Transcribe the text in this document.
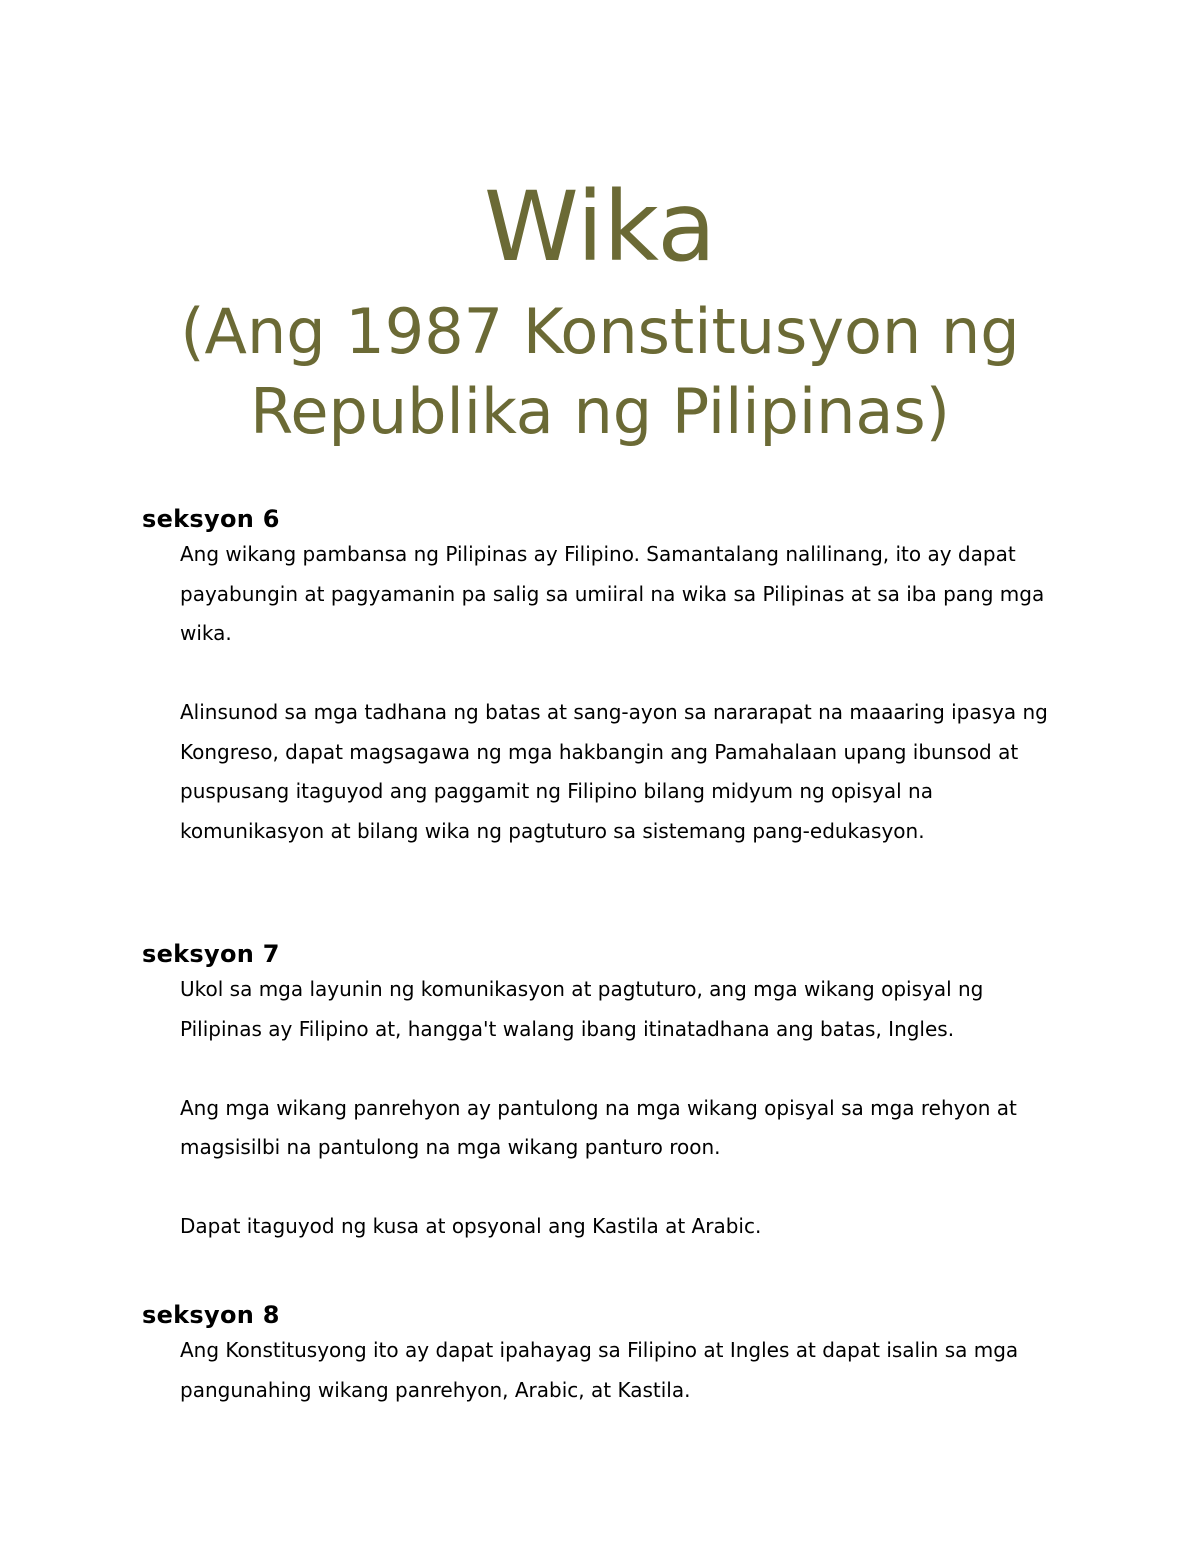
Wika
(Ang 1987 Konstitusyon ng
Republika ng Pilipinas)
seksyon 6

Ang wikang pambansa ng Pilipinas ay Filipino. Samantalang nalilinang, ito ay dapat payabungin at pagyamanin pa salig sa umiiral na wika sa Pilipinas at sa iba pang mga wika.

Alinsunod sa mga tadhana ng batas at sang-ayon sa nararapat na maaaring ipasya ng Kongreso, dapat magsagawa ng mga hakbangin ang Pamahalaan upang ibunsod at puspusang itaguyod ang paggamit ng Filipino bilang midyum ng opisyal na komunikasyon at bilang wika ng pagtuturo sa sistemang pang-edukasyon.

seksyon 7

Ukol sa mga layunin ng komunikasyon at pagtuturo, ang mga wikang opisyal ng Pilipinas ay Filipino at, hangga't walang ibang itinatadhana ang batas, Ingles.

Ang mga wikang panrehyon ay pantulong na mga wikang opisyal sa mga rehyon at magsisilbi na pantulong na mga wikang panturo roon.

Dapat itaguyod ng kusa at opsyonal ang Kastila at Arabic.

seksyon 8

Ang Konstitusyong ito ay dapat ipahayag sa Filipino at Ingles at dapat isalin sa mga pangunahing wikang panrehyon, Arabic, at Kastila.
